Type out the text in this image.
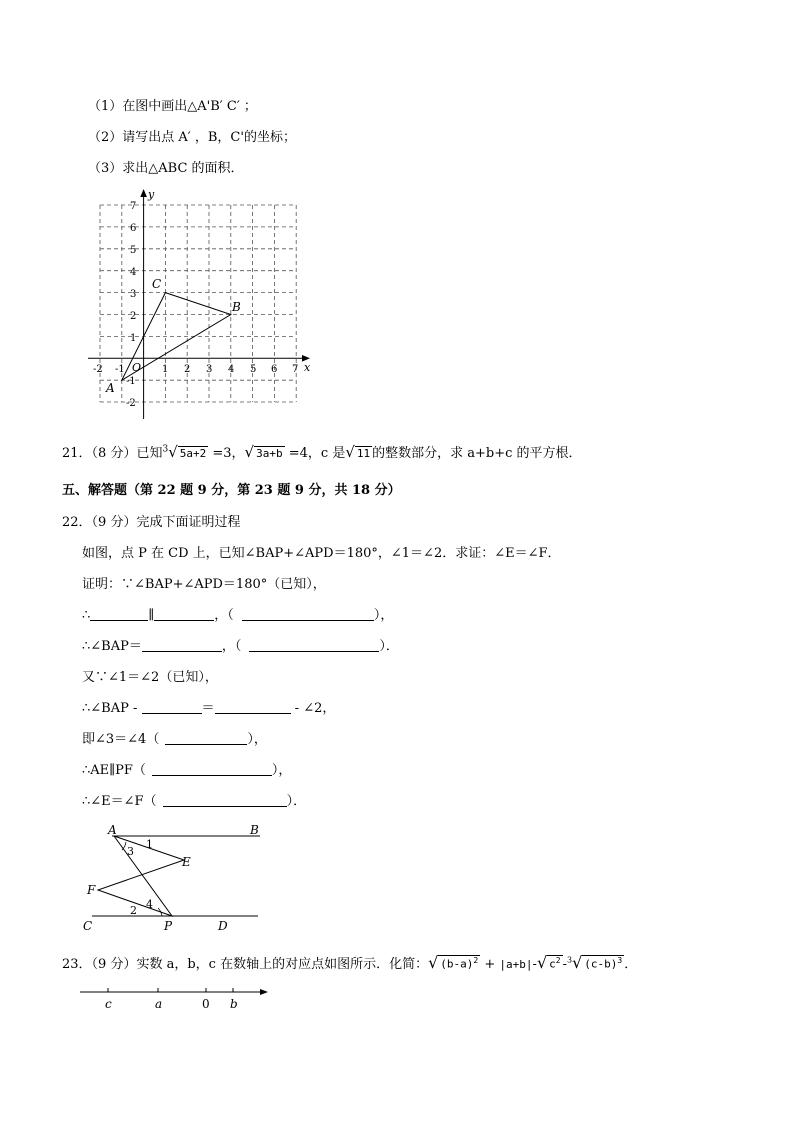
（1）在图中画出△A'B′ C′ ；
（2）请写出点 A′ ，B，C'的坐标；
（3）求出△ABC 的面积．
x
y
O
-2 -1	1 2 3 4 5 6 7
7
6
5
4
3
2
1
-1
-2
A
B
C
21．（8 分）已知$^3$√ 5a+2 =3，√ 3a+b =4，c 是√ 11 的整数部分，求 a+b+c 的平方根．
五、解答题（第 22 题 9 分，第 23 题 9 分，共 18 分）
22．（9 分）完成下面证明过程
如图，点 P 在 CD 上，已知∠BAP+∠APD＝180°，∠1＝∠2．求证：∠E＝∠F．
证明：∵∠BAP+∠APD＝180°（已知），
∴	∥	，（	），
∴∠BAP＝	，（	）．
又∵∠1＝∠2（已知），
∴∠BAP -	＝	- ∠2，
即∠3＝∠4（	），
∴AE∥PF（	），
∴∠E＝∠F（	）．
A	B
C	D
E
F
P
1
2
3
4
23．（9 分）实数 a，b，c 在数轴上的对应点如图所示．化简：√ $(b-a)^2 + |a+b|-√$ $c^2$ -$^3$√ $(c-b)^3$ ．
c	a	0 b
